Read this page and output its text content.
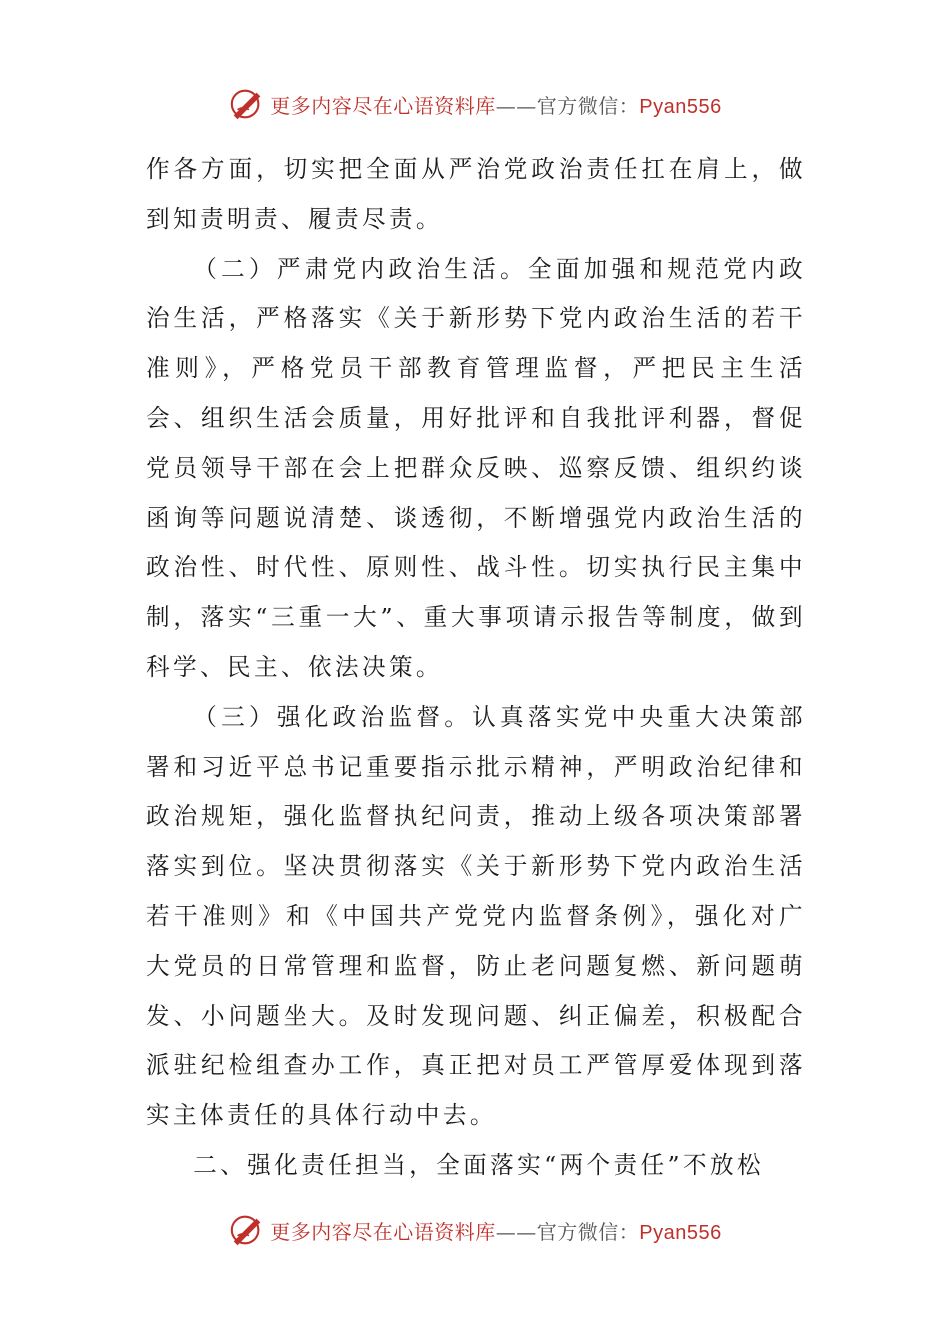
更多内容尽在心语资料库——官方微信：Pyan556

作各方面，切实把全面从严治党政治责任扛在肩上，做到知责明责、履责尽责。

（二）严肃党内政治生活。全面加强和规范党内政治生活，严格落实《关于新形势下党内政治生活的若干准则》，严格党员干部教育管理监督，严把民主生活会、组织生活会质量，用好批评和自我批评利器，督促党员领导干部在会上把群众反映、巡察反馈、组织约谈函询等问题说清楚、谈透彻，不断增强党内政治生活的政治性、时代性、原则性、战斗性。切实执行民主集中制，落实“三重一大”、重大事项请示报告等制度，做到科学、民主、依法决策。

（三）强化政治监督。认真落实党中央重大决策部署和习近平总书记重要指示批示精神，严明政治纪律和政治规矩，强化监督执纪问责，推动上级各项决策部署落实到位。坚决贯彻落实《关于新形势下党内政治生活若干准则》和《中国共产党党内监督条例》，强化对广大党员的日常管理和监督，防止老问题复燃、新问题萌发、小问题坐大。及时发现问题、纠正偏差，积极配合派驻纪检组查办工作，真正把对员工严管厚爱体现到落实主体责任的具体行动中去。

二、强化责任担当，全面落实“两个责任”不放松

更多内容尽在心语资料库——官方微信：Pyan556
